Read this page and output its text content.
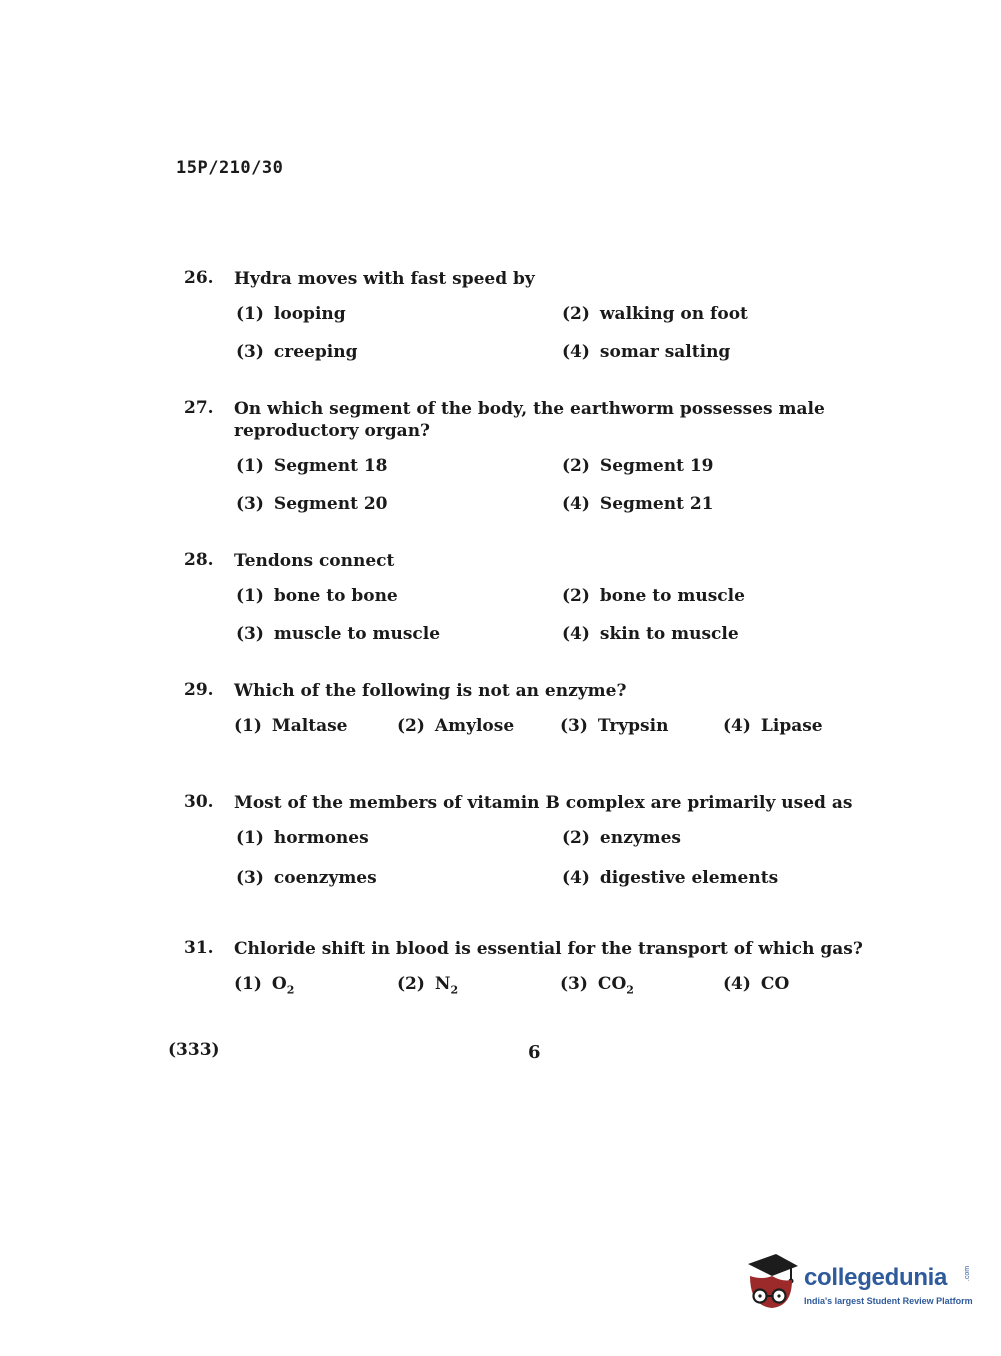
15P/210/30
26.	Hydra moves with fast speed by
(1) looping	(2) walking on foot
(3) creeping	(4) somar salting
27.	On which segment of the body, the earthworm possesses male reproductory organ?
(1) Segment 18	(2) Segment 19
(3) Segment 20	(4) Segment 21
28.	Tendons connect
(1) bone to bone	(2) bone to muscle
(3) muscle to muscle	(4) skin to muscle
29.	Which of the following is not an enzyme?
(1) Maltase	(2) Amylose	(3) Trypsin	(4) Lipase
30.	Most of the members of vitamin B complex are primarily used as
(1) hormones	(2) enzymes
(3) coenzymes	(4) digestive elements
31.	Chloride shift in blood is essential for the transport of which gas?
(1) $O_2$	(2) $N_2$	(3) $CO_2$	(4) CO
(333)	6
collegedunia .com
India's largest Student Review Platform
